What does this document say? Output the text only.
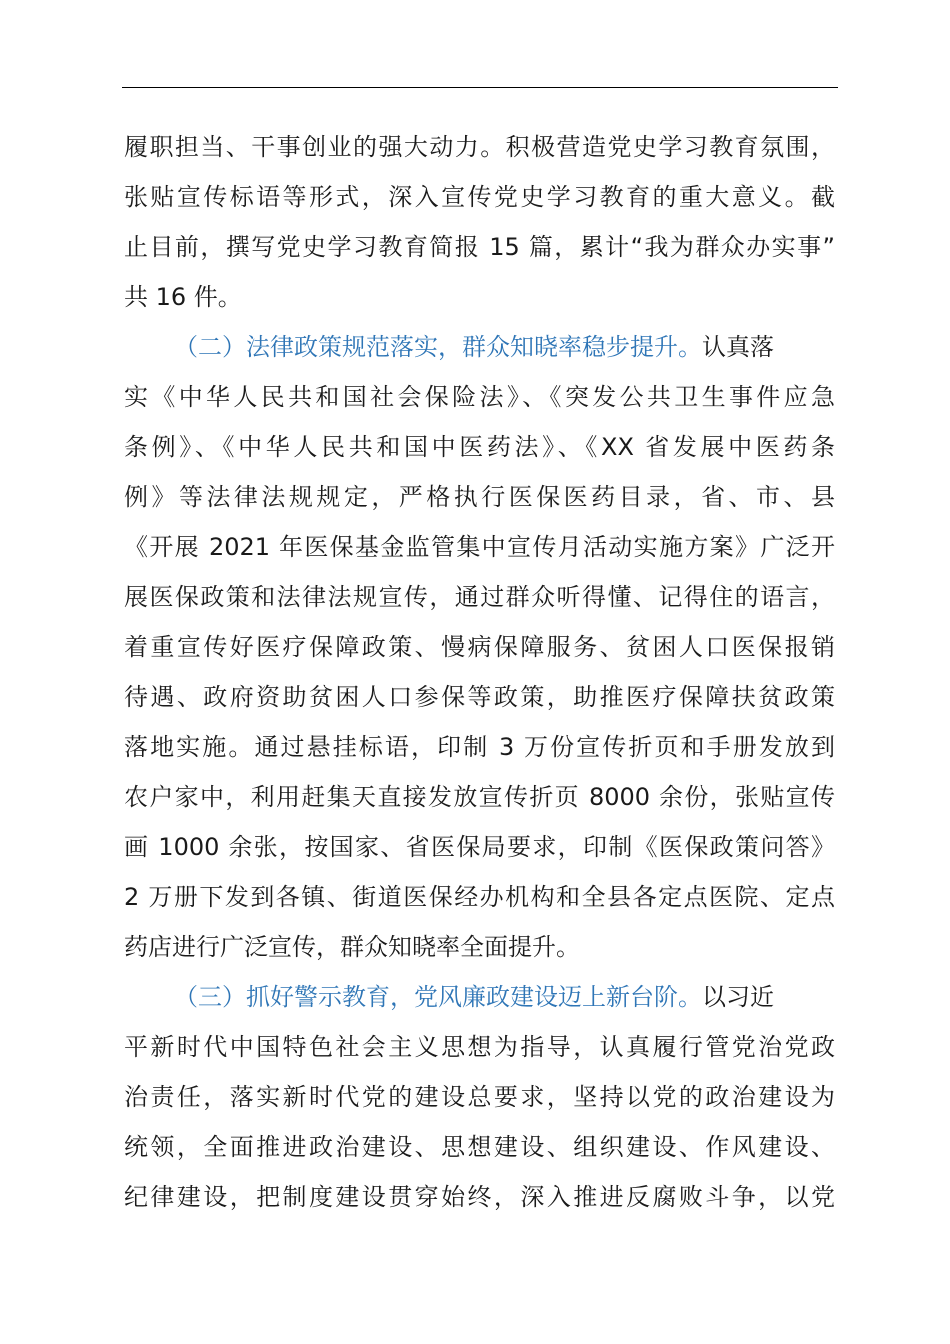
履职担当、干事创业的强大动力。积极营造党史学习教育氛围，
张贴宣传标语等形式，深入宣传党史学习教育的重大意义。截
止目前，撰写党史学习教育简报 15 篇，累计“我为群众办实事”
共 16 件。
（二）法律政策规范落实，群众知晓率稳步提升。认真落
实《中华人民共和国社会保险法》、《突发公共卫生事件应急
条例》、《中华人民共和国中医药法》、《XX 省发展中医药条
例》等法律法规规定，严格执行医保医药目录，省、市、县
《开展 2021 年医保基金监管集中宣传月活动实施方案》广泛开
展医保政策和法律法规宣传，通过群众听得懂、记得住的语言，
着重宣传好医疗保障政策、慢病保障服务、贫困人口医保报销
待遇、政府资助贫困人口参保等政策，助推医疗保障扶贫政策
落地实施。通过悬挂标语，印制 3 万份宣传折页和手册发放到
农户家中，利用赶集天直接发放宣传折页 8000 余份，张贴宣传
画 1000 余张，按国家、省医保局要求，印制《医保政策问答》
2 万册下发到各镇、街道医保经办机构和全县各定点医院、定点
药店进行广泛宣传，群众知晓率全面提升。
（三）抓好警示教育，党风廉政建设迈上新台阶。以习近
平新时代中国特色社会主义思想为指导，认真履行管党治党政
治责任，落实新时代党的建设总要求，坚持以党的政治建设为
统领，全面推进政治建设、思想建设、组织建设、作风建设、
纪律建设，把制度建设贯穿始终，深入推进反腐败斗争，以党
